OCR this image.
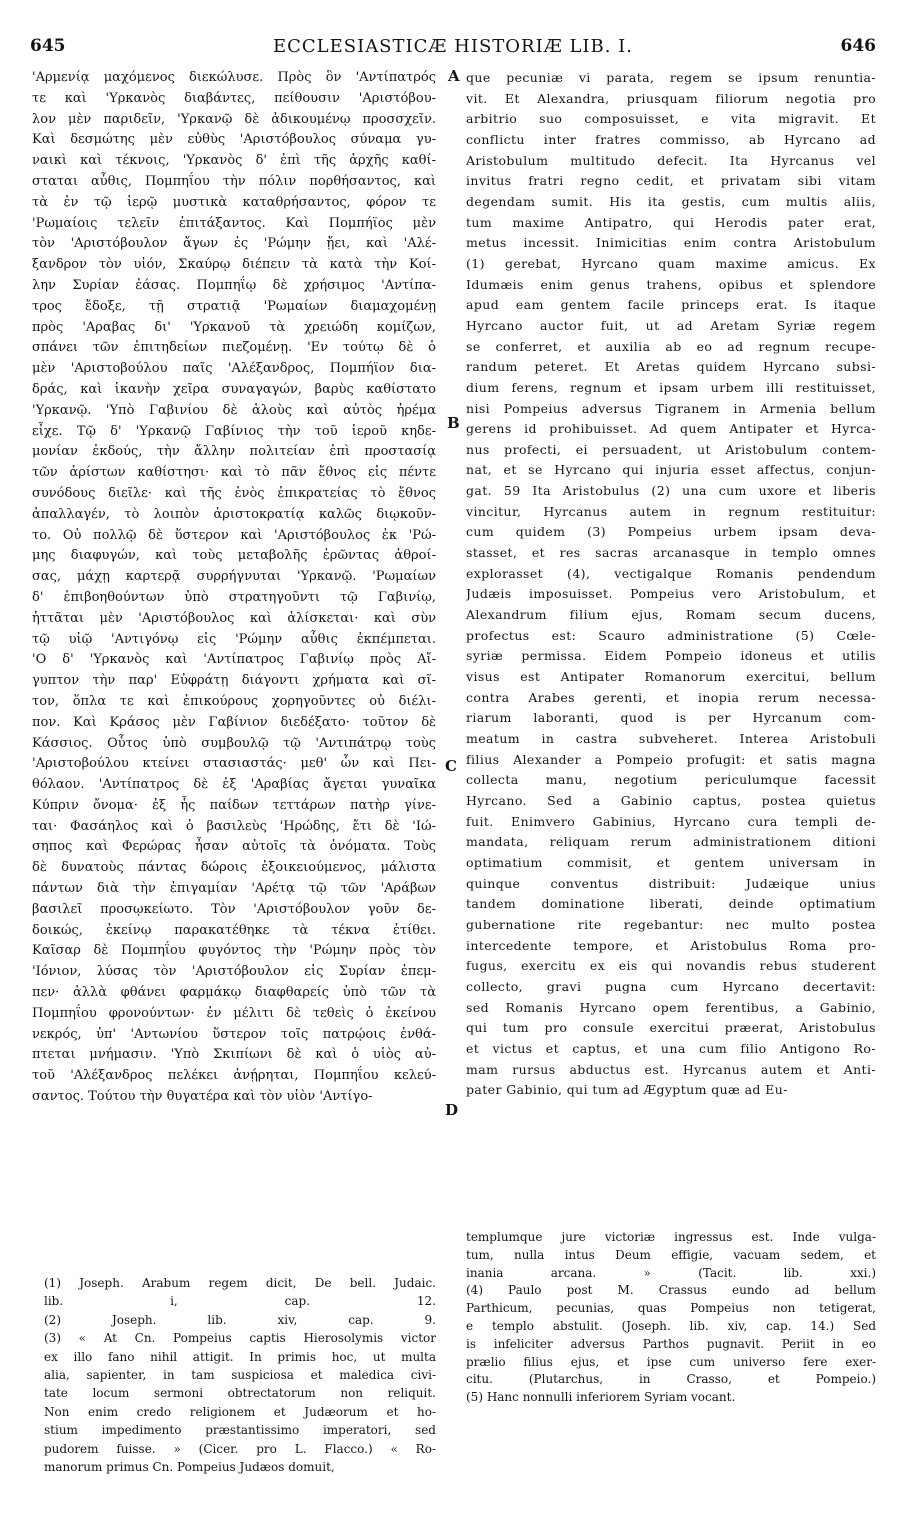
645	ECCLESIASTICÆ HISTORIÆ LIB. I.	646
'Αρμενίᾳ μαχόμενος διεκώλυσε. Πρὸς ὃν 'Αντίπατρός
τε καὶ 'Υρκανὸς διαβάντες, πείθουσιν 'Αριστόβου-
λον μὲν παριδεῖν, 'Υρκανῷ δὲ ἀδικουμένῳ προσσχεῖν.
Καὶ δεσμώτης μὲν εὐθὺς 'Αριστόβουλος σύναμα γυ-
ναικὶ καὶ τέκνοις, 'Υρκανὸς δ' ἐπὶ τῆς ἀρχῆς καθί-
σταται αὖθις, Πομπηΐου τὴν πόλιν πορθήσαντος, καὶ
τὰ ἐν τῷ ἱερῷ μυστικὰ καταθρήσαντος, φόρον τε
'Ρωμαίοις τελεῖν ἐπιτάξαντος. Καὶ Πομπήϊος μὲν
τὸν 'Αριστόβουλον ἄγων ἐς 'Ρώμην ᾔει, καὶ 'Αλέ-
ξανδρον τὸν υἱόν, Σκαύρῳ διέπειν τὰ κατὰ τὴν Κοί-
λην Συρίαν ἐάσας. Πομπηΐῳ δὲ χρήσιμος 'Αντίπα-
τρος ἔδοξε, τῇ στρατιᾷ 'Ρωμαίων διαμαχομένῃ
πρὸς 'Αραβας δι' 'Υρκανοῦ τὰ χρειώδη κομίζων,
σπάνει τῶν ἐπιτηδείων πιεζομένῃ. 'Εν τούτῳ δὲ ὁ
μὲν 'Αριστοβούλου παῖς 'Αλέξανδρος, Πομπήϊον δια-
δράς, καὶ ἱκανὴν χεῖρα συναγαγών, βαρὺς καθίστατο
'Υρκανῷ. 'Υπὸ Γαβινίου δὲ ἁλοὺς καὶ αὐτὸς ἠρέμα
εἶχε. Τῷ δ' 'Υρκανῷ Γαβίνιος τὴν τοῦ ἱεροῦ κηδε-
μονίαν ἐκδούς, τὴν ἄλλην πολιτείαν ἐπὶ προστασίᾳ
τῶν ἀρίστων καθίστησι· καὶ τὸ πᾶν ἔθνος εἰς πέντε
συνόδους διεῖλε· καὶ τῆς ἑνὸς ἐπικρατείας τὸ ἔθνος
ἀπαλλαγέν, τὸ λοιπὸν ἀριστοκρατίᾳ καλῶς διῳκοῦν-
το. Οὐ πολλῷ δὲ ὕστερον καὶ 'Αριστόβουλος ἐκ 'Ρώ-
μης διαφυγών, καὶ τοὺς μεταβολῆς ἐρῶντας ἀθροί-
σας, μάχῃ καρτερᾷ συρρήγνυται 'Υρκανῷ. 'Ρωμαίων
δ' ἐπιβοηθούντων ὑπὸ στρατηγοῦντι τῷ Γαβινίῳ,
ἡττᾶται μὲν 'Αριστόβουλος καὶ ἁλίσκεται· καὶ σὺν
τῷ υἱῷ 'Αντιγόνῳ εἰς 'Ρώμην αὖθις ἐκπέμπεται.
'Ο δ' 'Υρκανὸς καὶ 'Αντίπατρος Γαβινίῳ πρὸς Αἴ-
γυπτον τὴν παρ' Εὐφράτῃ διάγοντι χρήματα καὶ σῖ-
τον, ὅπλα τε καὶ ἐπικούρους χορηγοῦντες οὐ διέλι-
πον. Καὶ Κράσος μὲν Γαβίνιον διεδέξατο· τοῦτον δὲ
Κάσσιος. Οὗτος ὑπὸ συμβουλῷ τῷ 'Αντιπάτρῳ τοὺς
'Αριστοβούλου κτείνει στασιαστάς· μεθ' ὧν καὶ Πει-
θόλαον. 'Αντίπατρος δὲ ἐξ 'Αραβίας ἄγεται γυναῖκα
Κύπριν ὄνομα· ἐξ ἧς παίδων τεττάρων πατὴρ γίνε-
ται· Φασάηλος καὶ ὁ βασιλεὺς 'Ηρώδης, ἔτι δὲ 'Ιώ-
σηπος καὶ Φερώρας ἦσαν αὐτοῖς τὰ ὀνόματα. Τοὺς
δὲ δυνατοὺς πάντας δώροις ἐξοικειούμενος, μάλιστα
πάντων διὰ τὴν ἐπιγαμίαν 'Αρέτᾳ τῷ τῶν 'Αράβων
βασιλεῖ προσῳκείωτο. Τὸν 'Αριστόβουλον γοῦν δε-
δοικώς, ἐκείνῳ παρακατέθηκε τὰ τέκνα ἐτίθει.
Καῖσαρ δὲ Πομπηΐου φυγόντος τὴν 'Ρώμην πρὸς τὸν
'Ιόνιον, λύσας τὸν 'Αριστόβουλον εἰς Συρίαν ἐπεμ-
πεν· ἀλλὰ φθάνει φαρμάκῳ διαφθαρείς ὑπὸ τῶν τὰ
Πομπηΐου φρονούντων· ἐν μέλιτι δὲ τεθεὶς ὁ ἐκείνου
νεκρός, ὑπ' 'Αντωνίου ὕστερον τοῖς πατρῴοις ἐνθά-
πτεται μνήμασιν. 'Υπὸ Σκιπίωνι δὲ καὶ ὁ υἱὸς αὐ-
τοῦ 'Αλέξανδρος πελέκει ἀνῄρηται, Πομπηΐου κελεύ-
σαντος. Τούτου τὴν θυγατέρα καὶ τὸν υἱὸν 'Αντίγο-
que pecuniæ vi parata, regem se ipsum renuntia-
vit. Et Alexandra, priusquam filiorum negotia pro
arbitrio suo composuisset, e vita migravit. Et
conflictu inter fratres commisso, ab Hyrcano ad
Aristobulum multitudo defecit. Ita Hyrcanus vel
invitus fratri regno cedit, et privatam sibi vitam
degendam sumit. His ita gestis, cum multis aliis,
tum maxime Antipatro, qui Herodis pater erat,
metus incessit. Inimicitias enim contra Aristobulum
(1) gerebat, Hyrcano quam maxime amicus. Ex
Idumæis enim genus trahens, opibus et splendore
apud eam gentem facile princeps erat. Is itaque
Hyrcano auctor fuit, ut ad Aretam Syriæ regem
se conferret, et auxilia ab eo ad regnum recupe-
randum peteret. Et Aretas quidem Hyrcano subsi-
dium ferens, regnum et ipsam urbem illi restituisset,
nisi Pompeius adversus Tigranem in Armenia bellum
gerens id prohibuisset. Ad quem Antipater et Hyrca-
nus profecti, ei persuadent, ut Aristobulum contem-
nat, et se Hyrcano qui injuria esset affectus, conjun-
gat. 59 Ita Aristobulus (2) una cum uxore et liberis
vincitur, Hyrcanus autem in regnum restituitur:
cum quidem (3) Pompeius urbem ipsam deva-
stasset, et res sacras arcanasque in templo omnes
explorasset (4), vectigalque Romanis pendendum
Judæis imposuisset. Pompeius vero Aristobulum, et
Alexandrum filium ejus, Romam secum ducens,
profectus est: Scauro administratione (5) Cœle-
syriæ permissa. Eidem Pompeio idoneus et utilis
visus est Antipater Romanorum exercitui, bellum
contra Arabes gerenti, et inopia rerum necessa-
riarum laboranti, quod is per Hyrcanum com-
meatum in castra subveheret. Interea Aristobuli
filius Alexander a Pompeio profugit: et satis magna
collecta manu, negotium periculumque facessit
Hyrcano. Sed a Gabinio captus, postea quietus
fuit. Enimvero Gabinius, Hyrcano cura templi de-
mandata, reliquam rerum administrationem ditioni
optimatium commisit, et gentem universam in
quinque conventus distribuit: Judæique unius
tandem dominatione liberati, deinde optimatium
gubernatione rite regebantur: nec multo postea
intercedente tempore, et Aristobulus Roma pro-
fugus, exercitu ex eis qui novandis rebus studerent
collecto, gravi pugna cum Hyrcano decertavit:
sed Romanis Hyrcano opem ferentibus, a Gabinio,
qui tum pro consule exercitui præerat, Aristobulus
et victus et captus, et una cum filio Antigono Ro-
mam rursus abductus est. Hyrcanus autem et Anti-
pater Gabinio, qui tum ad Ægyptum quæ ad Eu-
A
B
C
D
(1) Joseph. Arabum regem dicit, De bell. Judaic.
lib. i, cap. 12.
(2) Joseph. lib. xiv, cap. 9.
(3) « At Cn. Pompeius captis Hierosolymis victor
ex illo fano nihil attigit. In primis hoc, ut multa
alia, sapienter, in tam suspiciosa et maledica civi-
tate locum sermoni obtrectatorum non reliquit.
Non enim credo religionem et Judæorum et ho-
stium impedimento præstantissimo imperatori, sed
pudorem fuisse. » (Cicer. pro L. Flacco.) « Ro-
manorum primus Cn. Pompeius Judæos domuit,
templumque jure victoriæ ingressus est. Inde vulga-
tum, nulla intus Deum effigie, vacuam sedem, et
inania arcana. » (Tacit. lib. xxi.)
(4) Paulo post M. Crassus eundo ad bellum
Parthicum, pecunias, quas Pompeius non tetigerat,
e templo abstulit. (Joseph. lib. xiv, cap. 14.) Sed
is infeliciter adversus Parthos pugnavit. Periit in eo
prælio filius ejus, et ipse cum universo fere exer-
citu. (Plutarchus, in Crasso, et Pompeio.)
(5) Hanc nonnulli inferiorem Syriam vocant.
